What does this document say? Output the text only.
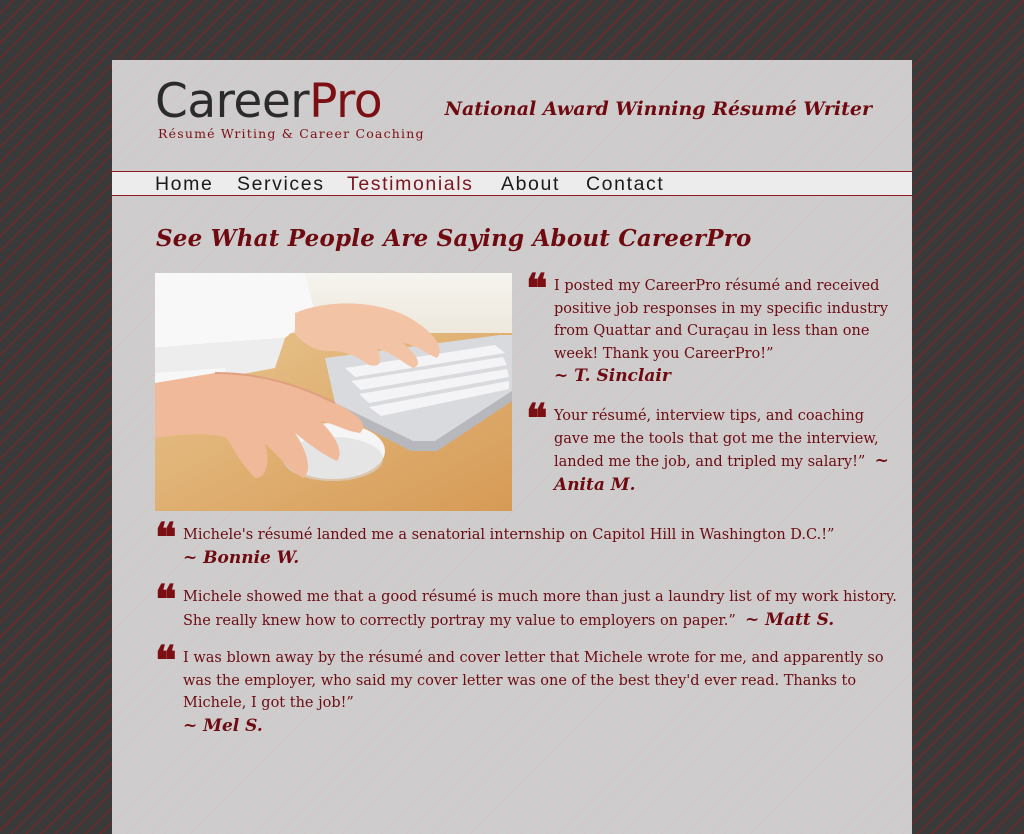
CareerPro
Résumé Writing & Career Coaching
National Award Winning Résumé Writer
Home Services Testimonials About Contact
See What People Are Saying About CareerPro
❝ I posted my CareerPro résumé and received positive job responses in my specific industry from Quattar and Curaçau in less than one week! Thank you CareerPro!”
~ T. Sinclair
❝ Your résumé, interview tips, and coaching gave me the tools that got me the interview, landed me the job, and tripled my salary!” ~ Anita M.
❝ Michele's résumé landed me a senatorial internship on Capitol Hill in Washington D.C.!”
~ Bonnie W.
❝ Michele showed me that a good résumé is much more than just a laundry list of my work history. She really knew how to correctly portray my value to employers on paper.” ~ Matt S.
❝ I was blown away by the résumé and cover letter that Michele wrote for me, and apparently so was the employer, who said my cover letter was one of the best they'd ever read. Thanks to Michele, I got the job!”
~ Mel S.
